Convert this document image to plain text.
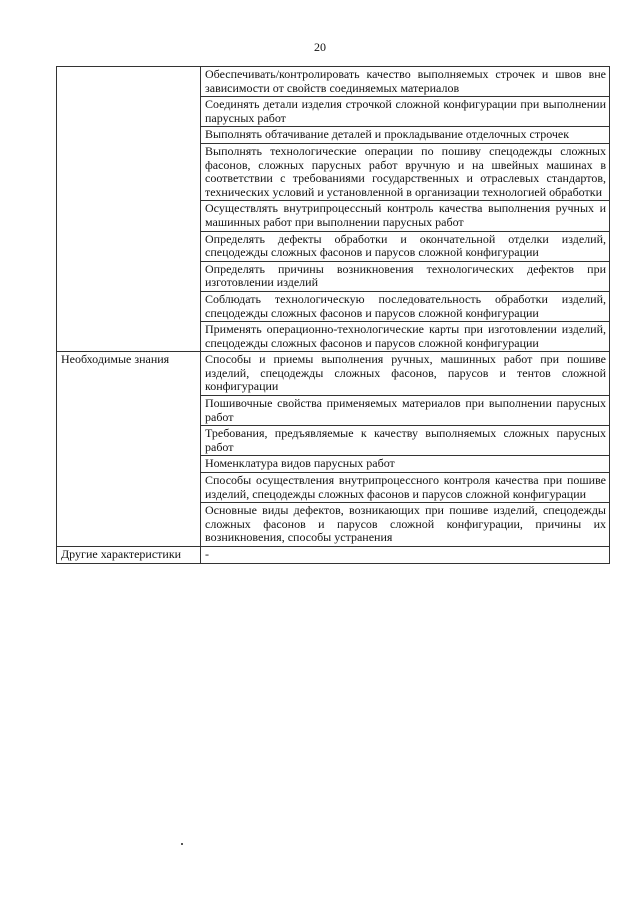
20
	Обеспечивать/контролировать качество выполняемых строчек и швов вне зависимости от свойств соединяемых материалов
	Соединять детали изделия строчкой сложной конфигурации при выполнении парусных работ
	Выполнять обтачивание деталей и прокладывание отделочных строчек
	Выполнять технологические операции по пошиву спецодежды сложных фасонов, сложных парусных работ вручную и на швейных машинах в соответствии с требованиями государственных и отраслевых стандартов, технических условий и установленной в организации технологией обработки
	Осуществлять внутрипроцессный контроль качества выполнения ручных и машинных работ при выполнении парусных работ
	Определять дефекты обработки и окончательной отделки изделий, спецодежды сложных фасонов и парусов сложной конфигурации
	Определять причины возникновения технологических дефектов при изготовлении изделий
	Соблюдать технологическую последовательность обработки изделий, спецодежды сложных фасонов и парусов сложной конфигурации
	Применять операционно-технологические карты при изготовлении изделий, спецодежды сложных фасонов и парусов сложной конфигурации
Необходимые знания	Способы и приемы выполнения ручных, машинных работ при пошиве изделий, спецодежды сложных фасонов, парусов и тентов сложной конфигурации
	Пошивочные свойства применяемых материалов при выполнении парусных работ
	Требования, предъявляемые к качеству выполняемых сложных парусных работ
	Номенклатура видов парусных работ
	Способы осуществления внутрипроцессного контроля качества при пошиве изделий, спецодежды сложных фасонов и парусов сложной конфигурации
	Основные виды дефектов, возникающих при пошиве изделий, спецодежды сложных фасонов и парусов сложной конфигурации, причины их возникновения, способы устранения
Другие характеристики	-
